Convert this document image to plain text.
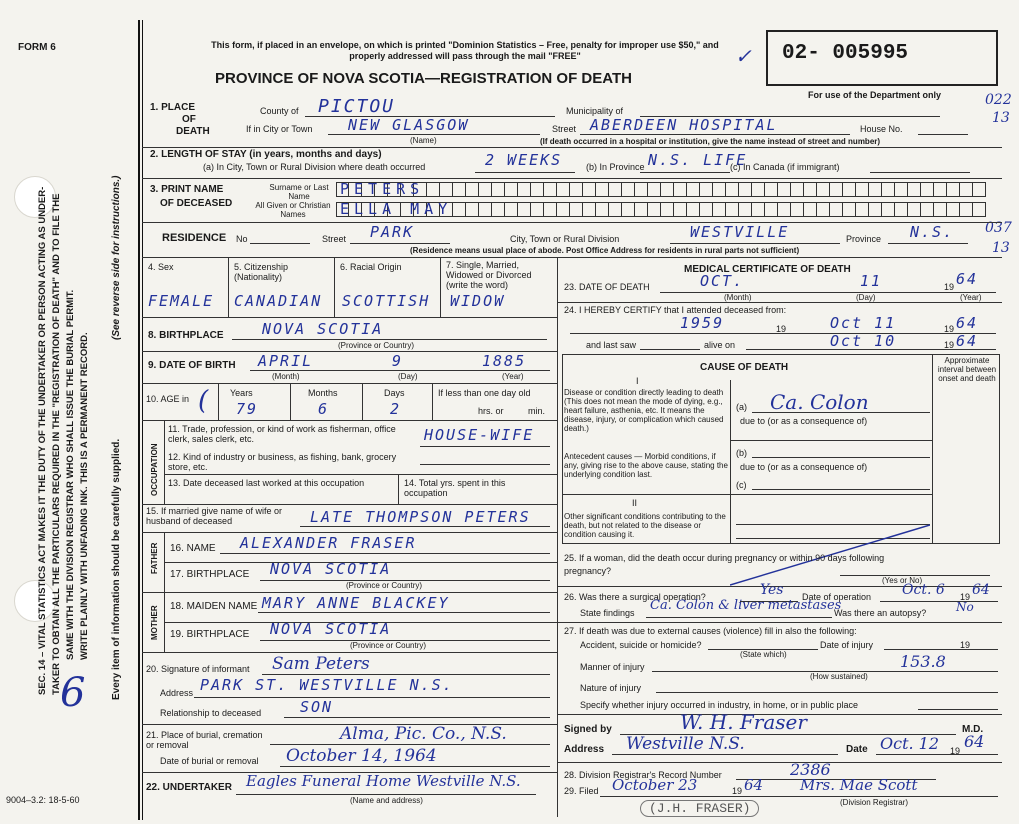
FORM 6
SEC. 14 – VITAL STATISTICS ACT MAKES IT THE DUTY OF THE UNDERTAKER OR PERSON ACTING AS UNDER- TAKER TO OBTAIN ALL THE PARTICULARS REQUIRED IN THE "REGISTRATION OF DEATH" AND TO FILE THE SAME WITH THE DIVISION REGISTRAR WHO SHALL ISSUE THE BURIAL PERMIT. WRITE PLAINLY WITH UNFADING INK. THIS IS A PERMANENT RECORD. Every item of information should be carefully supplied.
(See reverse side for instructions.)
6
9004–3.2: 18-5-60
This form, if placed in an envelope, on which is printed "Dominion Statistics – Free, penalty for improper use $50," and properly addressed will pass through the mail "FREE"
PROVINCE OF NOVA SCOTIA—REGISTRATION OF DEATH
02- 005995
✓
For use of the Department only	022
13
037
13
1. PLACE
OF
DEATH
County of PICTOU	Municipality of
If in City or Town NEW GLASGOW
(Name)
Street ABERDEEN HOSPITAL	House No.
(If death occurred in a hospital or institution, give the name instead of street and number)
2. LENGTH OF STAY (in years, months and days)
(a) In City, Town or Rural Division where death occurred	2 WEEKS	(b) In Province N.S. LIFE
(c) In Canada (if immigrant)
3. PRINT NAME
OF DECEASED
Surname or Last Name
All Given or Christian Names
PETERS
ELLA MAY
RESIDENCE No	Street PARK	City, Town or Rural Division	WESTVILLE	Province N.S.
(Residence means usual place of abode. Post Office Address for residents in rural parts not sufficient)
4. Sex	5. Citizenship (Nationality)
6. Racial Origin	7. Single, Married, Widowed or Divorced (write the word)
FEMALE CANADIAN SCOTTISH WIDOW
8. BIRTHPLACE	NOVA SCOTIA
(Province or Country)
9. DATE OF BIRTH APRIL	9	1885
(Month)	(Day)	(Year)
10. AGE in ( Years	Months	Days
79	6	2
If less than one day old
hrs. or	min.
OCCUPATION
11. Trade, profession, or kind of work as fisherman, office clerk, sales clerk, etc.	HOUSE-WIFE
12. Kind of industry or business, as fishing, bank, grocery store, etc.
13. Date deceased last worked at this occupation	14. Total yrs. spent in this occupation
15. If married give name of wife or husband of deceased	LATE THOMPSON PETERS
FATHER 16. NAME ALEXANDER FRASER
17. BIRTHPLACE NOVA SCOTIA
(Province or Country)
MOTHER 18. MAIDEN NAME MARY ANNE BLACKEY
19. BIRTHPLACE NOVA SCOTIA
(Province or Country)
20. Signature of informant Sam Peters
Address PARK ST. WESTVILLE N.S.
Relationship to deceased	SON
21. Place of burial, cremation or removal
Alma, Pic. Co., N.S.
Date of burial or removal October 14, 1964
22. UNDERTAKER Eagles Funeral Home Westville N.S.
(Name and address)
MEDICAL CERTIFICATE OF DEATH
23. DATE OF DEATH	OCT.	11	19 64
(Month)	(Day)	(Year)
24. I HEREBY CERTIFY that I attended deceased from:
1959	19	Oct 11	19 64
and last saw	alive on	Oct 10	19 64
CAUSE OF DEATH
Approximate interval between onset and death
I
Disease or condition directly leading to death (This does not mean the mode of dying, e.g., heart failure, asthenia, etc. It means the disease, injury, or complication which caused death.)
(a) Ca. Colon
due to (or as a consequence of)
Antecedent causes — Morbid conditions, if any, giving rise to the above cause, stating the underlying condition last.
(b)
due to (or as a consequence of)
(c)
II
Other significant conditions contributing to the death, but not related to the disease or condition causing it.
25. If a woman, did the death occur during pregnancy or within 90 days following pregnancy?
(Yes or No)
26. Was there a surgical operation?	Yes Date of operation Oct. 6 19 64
State findings Ca. Colon & liver metastases
Was there an autopsy? No
27. If death was due to external causes (violence) fill in also the following:
Accident, suicide or homicide?	Date of injury	19
(State which)
Manner of injury	153.8
(How sustained)
Nature of injury
Specify whether injury occurred in industry, in home, or in public place
Signed by	W. H. Fraser	M.D.
Address Westville N.S.	Date Oct. 12 19 64
28. Division Registrar's Record Number	2386
29. Filed October 23	19 64 Mrs. Mae Scott
(Division Registrar)
(J.H. FRASER)
